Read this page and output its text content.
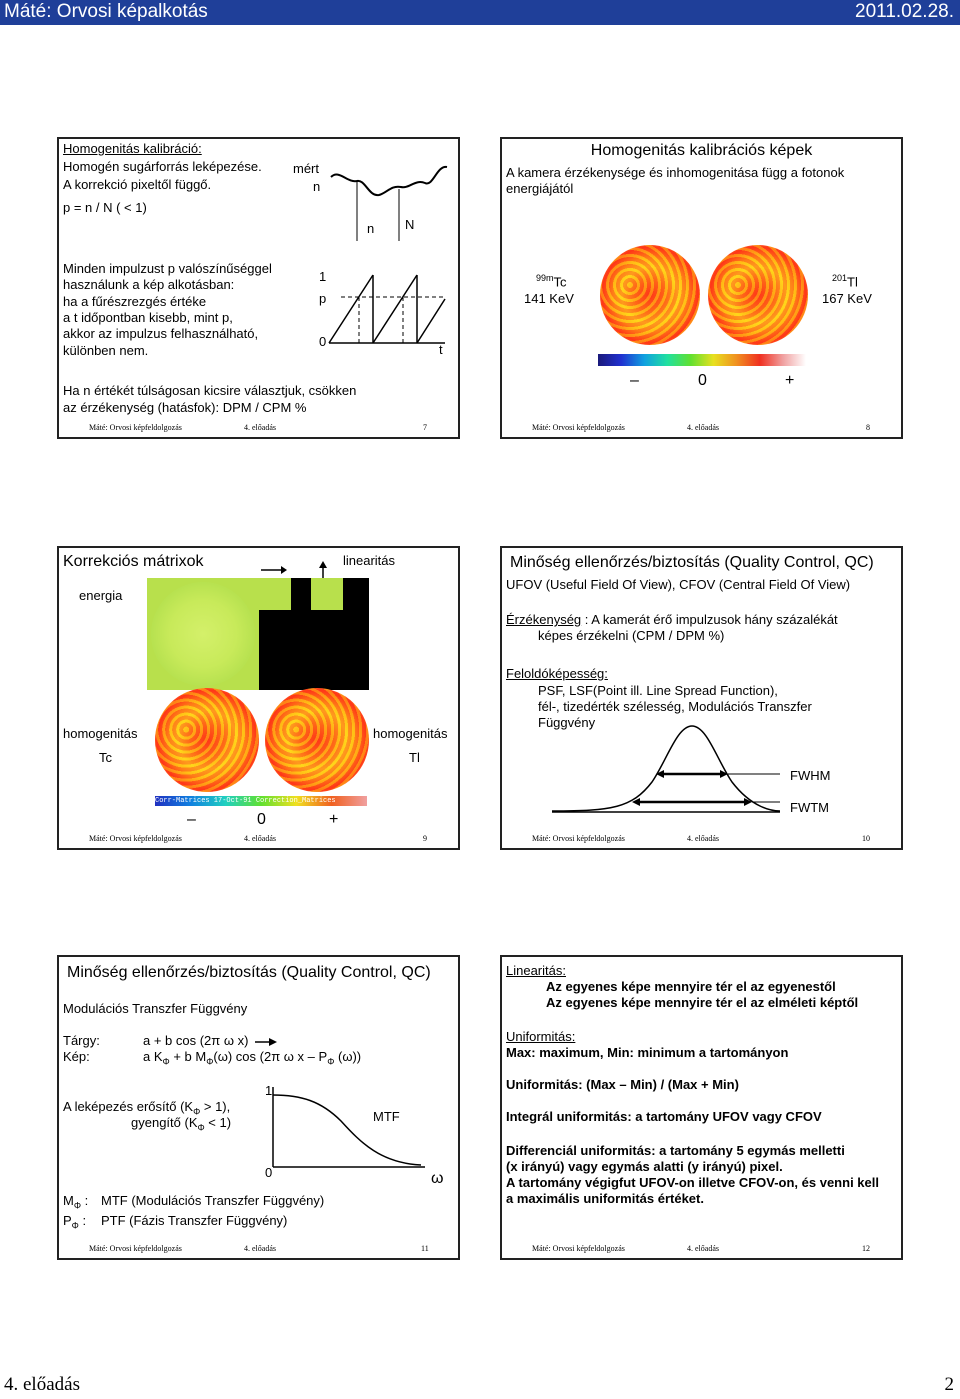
Máté: Orvosi képalkotás	2011.02.28.
Homogenitás kalibráció:
Homogén sugárforrás leképezése.
A korrekció pixeltől függő.
p = n / N ( < 1)
mért
n
n N
Minden impulzust p valószínűséggel
használunk a kép alkotásban:
ha a fűrészrezgés értéke
a t időpontban kisebb, mint p,
akkor az impulzus felhasználható,
különben nem.
1
p
0
t
Ha n értékét túlságosan kicsire választjuk, csökken
az érzékenység (hatásfok): DPM / CPM %
Máté: Orvosi képfeldolgozás	4. előadás	7
Homogenitás kalibrációs képek
A kamera érzékenysége és inhomogenitása függ a fotonok
energiájától
$^{99m}$Tc
141 KeV
$^{201}$Tl
167 KeV
–	0	+
Máté: Orvosi képfeldolgozás	4. előadás	8
Korrekciós mátrixok	linearitás
energia
homogenitás
Tc
homogenitás
Tl
Corr-Matrices 17-Oct-91 Correction_Matrices
–	0	+
Máté: Orvosi képfeldolgozás	4. előadás	9
Minőség ellenőrzés/biztosítás (Quality Control, QC)
UFOV (Useful Field Of View), CFOV (Central Field Of View)
Érzékenység : A kamerát érő impulzusok hány százalékát
képes érzékelni (CPM / DPM %)
Feloldóképesség:
PSF, LSF(Point ill. Line Spread Function),
fél-, tizedérték szélesség, Modulációs Transzfer
Függvény
FWHM
FWTM
Máté: Orvosi képfeldolgozás	4. előadás	10
Minőség ellenőrzés/biztosítás (Quality Control, QC)
Modulációs Transzfer Függvény
Tárgy:	a + b cos (2π ω x)
Kép:	a $K_\Phi + b$ $M_\Phi(\omega)$ cos (2π ω x – $P_\Phi$ (ω))
A leképezés erősítő $(K_\Phi > 1)$,
gyengítő $(K_\Phi < 1)$
1
0	ω
MTF
$M_\Phi$ : MTF (Modulációs Transzfer Függvény)
$P_\Phi$ : PTF (Fázis Transzfer Függvény)
Máté: Orvosi képfeldolgozás	4. előadás	11
Linearitás:
Az egyenes képe mennyire tér el az egyenestől
Az egyenes képe mennyire tér el az elméleti képtől
Uniformitás:
Max: maximum, Min: minimum a tartományon
Uniformitás: (Max – Min) / (Max + Min)
Integrál uniformitás: a tartomány UFOV vagy CFOV
Differenciál uniformitás: a tartomány 5 egymás melletti
(x irányú) vagy egymás alatti (y irányú) pixel.
A tartomány végigfut UFOV-on illetve CFOV-on, és venni kell
a maximális uniformitás értéket.
Máté: Orvosi képfeldolgozás	4. előadás	12
4. előadás	2
